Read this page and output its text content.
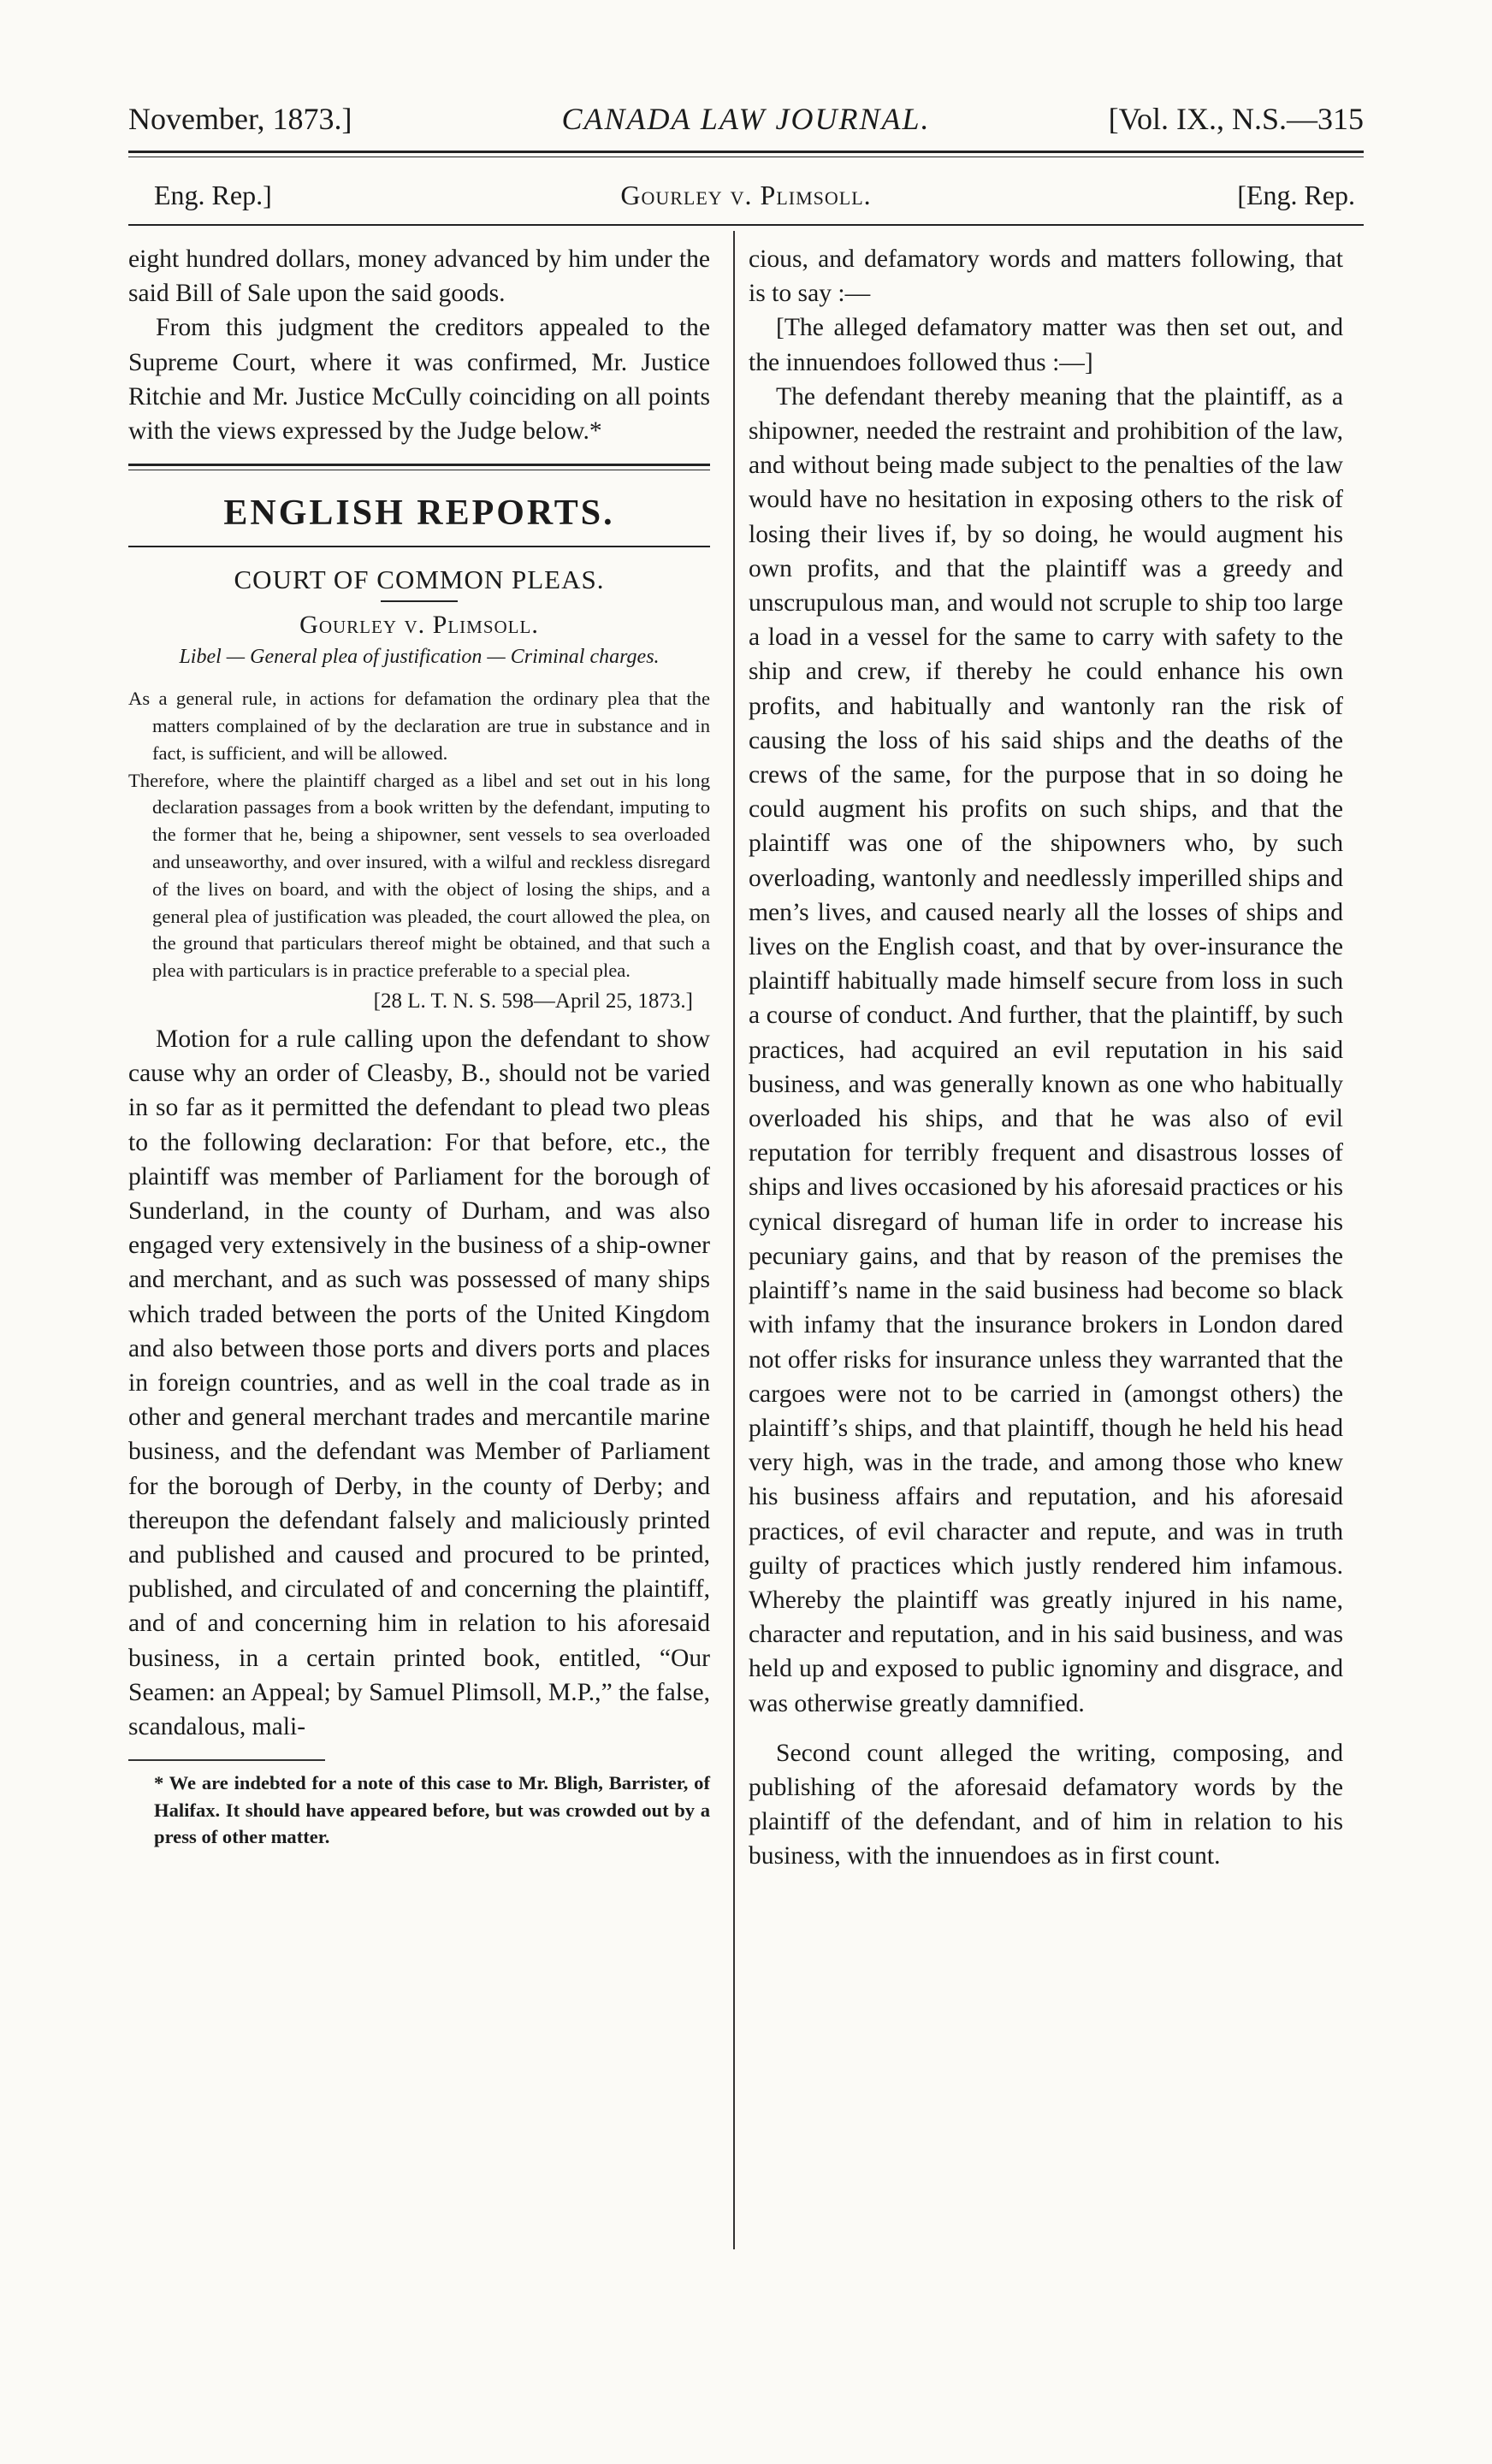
November, 1873.]	CANADA LAW JOURNAL.	[Vol. IX., N.S.—315
Eng. Rep.]	Gourley v. Plimsoll.	[Eng. Rep.

eight hundred dollars, money advanced by him under the said Bill of Sale upon the said goods.

From this judgment the creditors appealed to the Supreme Court, where it was confirmed, Mr. Justice Ritchie and Mr. Justice McCully coinciding on all points with the views expressed by the Judge below.*

ENGLISH REPORTS.
COURT OF COMMON PLEAS.
Gourley v. Plimsoll.
Libel — General plea of justification — Criminal charges.

As a general rule, in actions for defamation the ordinary plea that the matters complained of by the declaration are true in substance and in fact, is sufficient, and will be allowed.

Therefore, where the plaintiff charged as a libel and set out in his long declaration passages from a book written by the defendant, imputing to the former that he, being a shipowner, sent vessels to sea overloaded and unseaworthy, and over insured, with a wilful and reckless disregard of the lives on board, and with the object of losing the ships, and a general plea of justification was pleaded, the court allowed the plea, on the ground that particulars thereof might be obtained, and that such a plea with particulars is in practice preferable to a special plea.

[28 L. T. N. S. 598—April 25, 1873.]

Motion for a rule calling upon the defendant to show cause why an order of Cleasby, B., should not be varied in so far as it permitted the defendant to plead two pleas to the following declaration: For that before, etc., the plaintiff was member of Parliament for the borough of Sunderland, in the county of Durham, and was also engaged very extensively in the business of a ship-owner and merchant, and as such was possessed of many ships which traded between the ports of the United Kingdom and also between those ports and divers ports and places in foreign countries, and as well in the coal trade as in other and general merchant trades and mercantile marine business, and the defendant was Member of Parliament for the borough of Derby, in the county of Derby; and thereupon the defendant falsely and maliciously printed and published and caused and procured to be printed, published, and circulated of and concerning the plaintiff, and of and concerning him in relation to his aforesaid business, in a certain printed book, entitled, “Our Seamen: an Appeal; by Samuel Plimsoll, M.P.,” the false, scandalous, mali-

* We are indebted for a note of this case to Mr. Bligh, Barrister, of Halifax. It should have appeared before, but was crowded out by a press of other matter.

cious, and defamatory words and matters following, that is to say :—

[The alleged defamatory matter was then set out, and the innuendoes followed thus :—]

The defendant thereby meaning that the plaintiff, as a shipowner, needed the restraint and prohibition of the law, and without being made subject to the penalties of the law would have no hesitation in exposing others to the risk of losing their lives if, by so doing, he would augment his own profits, and that the plaintiff was a greedy and unscrupulous man, and would not scruple to ship too large a load in a vessel for the same to carry with safety to the ship and crew, if thereby he could enhance his own profits, and habitually and wantonly ran the risk of causing the loss of his said ships and the deaths of the crews of the same, for the purpose that in so doing he could augment his profits on such ships, and that the plaintiff was one of the shipowners who, by such overloading, wantonly and needlessly imperilled ships and men’s lives, and caused nearly all the losses of ships and lives on the English coast, and that by over-insurance the plaintiff habitually made himself secure from loss in such a course of conduct. And further, that the plaintiff, by such practices, had acquired an evil reputation in his said business, and was generally known as one who habitually overloaded his ships, and that he was also of evil reputation for terribly frequent and disastrous losses of ships and lives occasioned by his aforesaid practices or his cynical disregard of human life in order to increase his pecuniary gains, and that by reason of the premises the plaintiff’s name in the said business had become so black with infamy that the insurance brokers in London dared not offer risks for insurance unless they warranted that the cargoes were not to be carried in (amongst others) the plaintiff’s ships, and that plaintiff, though he held his head very high, was in the trade, and among those who knew his business affairs and reputation, and his aforesaid practices, of evil character and repute, and was in truth guilty of practices which justly rendered him infamous. Whereby the plaintiff was greatly injured in his name, character and reputation, and in his said business, and was held up and exposed to public ignominy and disgrace, and was otherwise greatly damnified.

Second count alleged the writing, composing, and publishing of the aforesaid defamatory words by the plaintiff of the defendant, and of him in relation to his business, with the innuendoes as in first count.
